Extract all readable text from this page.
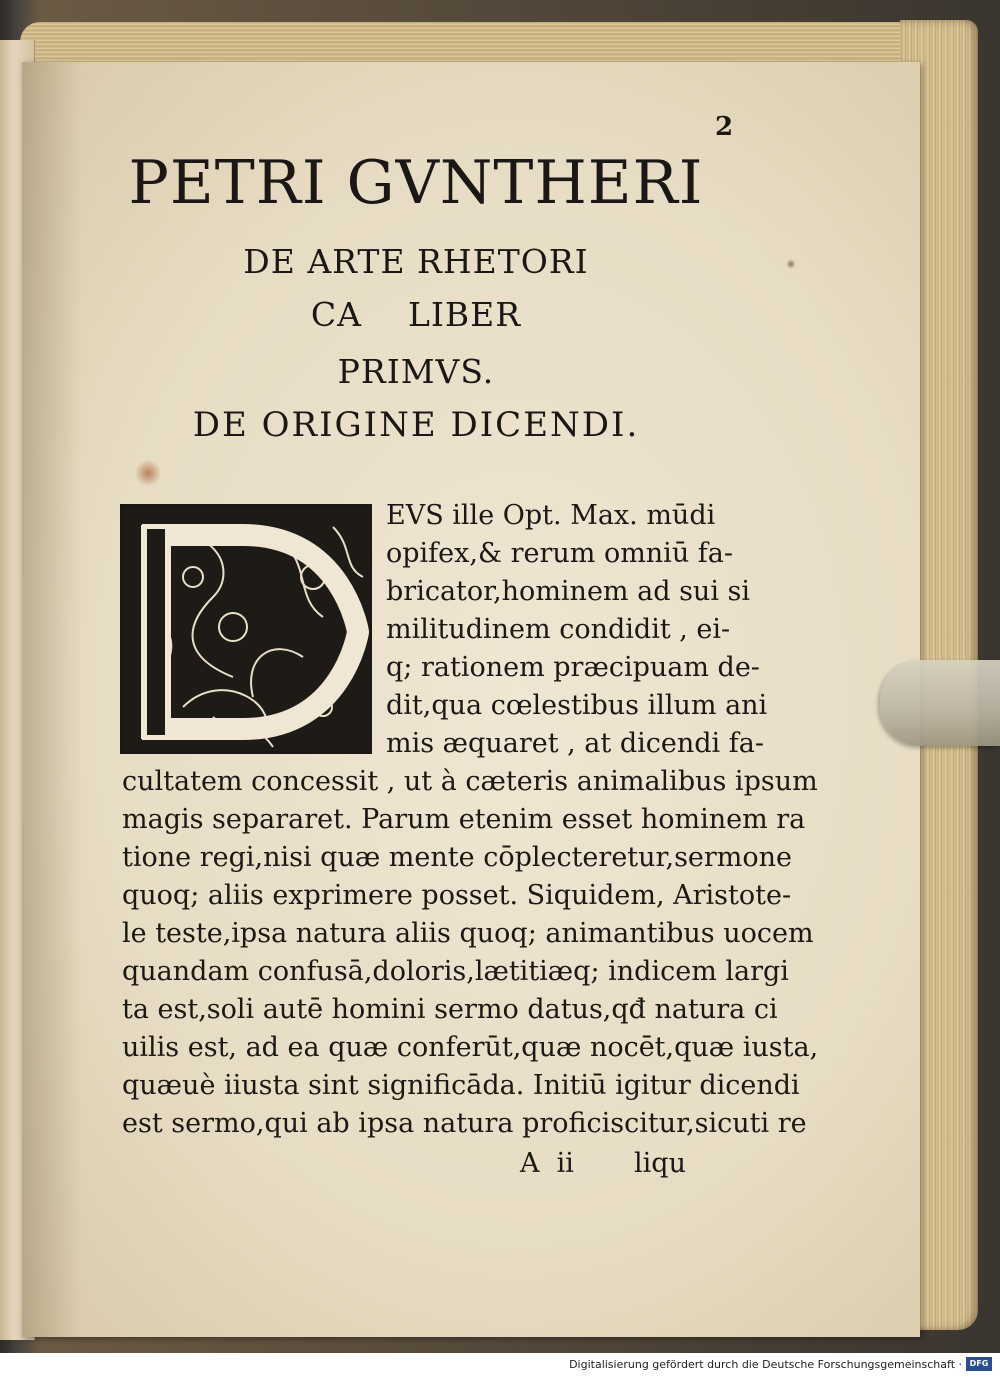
2
PETRI GVNTHERI
DE ARTE RHETORI
CA    LIBER
PRIMVS.
DE ORIGINE DICENDI.
EVS ille Opt. Max. mūdi
opifex,& rerum omniū fa‐
bricator,hominem ad sui si
militudinem condidit , ei‐
q; rationem præcipuam de‐
dit,qua cœlestibus illum ani
mis æquaret , at dicendi fa‐
cultatem concessit , ut à cæteris animalibus ipsum
magis separaret. Parum etenim esset hominem ra
tione regi,nisi quæ mente cōplecteretur,sermone
quoq; aliis exprimere posset. Siquidem, Aristote‐
le teste,ipsa natura aliis quoq; animantibus uocem
quandam confusā,doloris,lætitiæq; indicem largi
ta est,soli autē homini sermo datus,qđ natura ci
uilis est, ad ea quæ conferūt,quæ nocēt,quæ iusta,
quæuè iiusta sint significāda. Initiū igitur dicendi
est sermo,qui ab ipsa natura proficiscitur,sicuti re
A  ii       liqu
Digitalisierung gefördert durch die Deutsche Forschungsgemeinschaft · DFG
